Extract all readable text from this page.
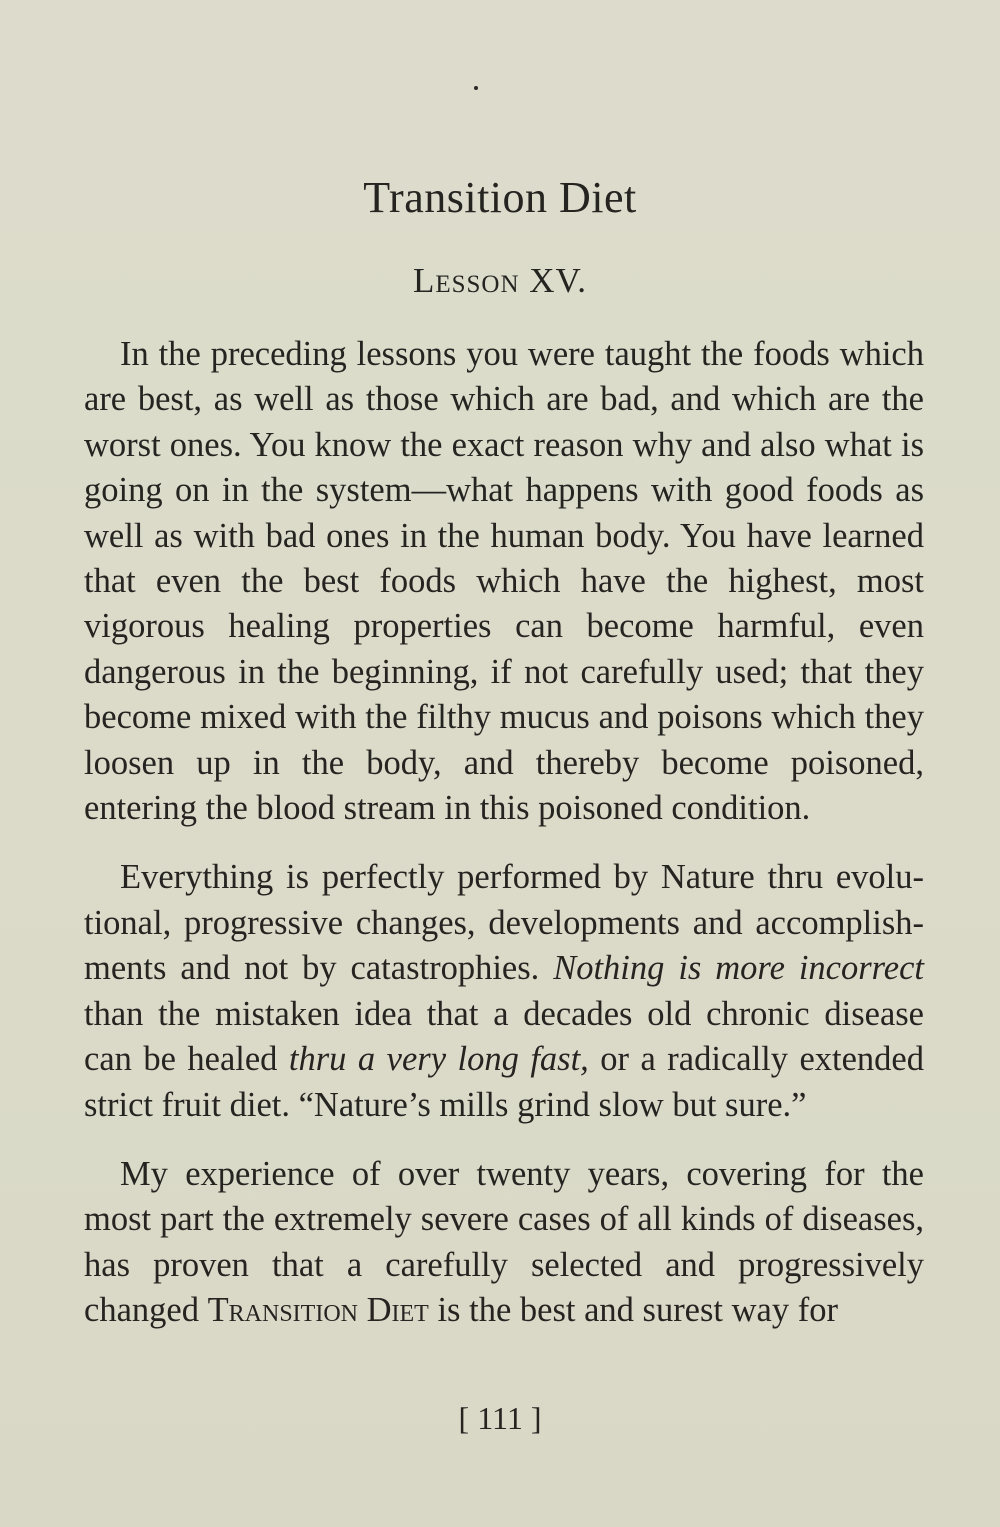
Transition Diet
Lesson XV.

In the preceding lessons you were taught the foods which are best, as well as those which are bad, and which are the worst ones. You know the exact reason why and also what is going on in the system—what happens with good foods as well as with bad ones in the human body. You have learned that even the best foods which have the highest, most vigorous healing properties can become harmful, even dangerous in the beginning, if not carefully used; that they become mixed with the filthy mucus and poisons which they loosen up in the body, and thereby become poisoned, entering the blood stream in this poisoned condition.

Everything is perfectly performed by Nature thru evolutional, progressive changes, developments and accomplishments and not by catastrophies. Nothing is more incorrect than the mistaken idea that a decades old chronic disease can be healed thru a very long fast, or a radically extended strict fruit diet. “Nature’s mills grind slow but sure.”

My experience of over twenty years, covering for the most part the extremely severe cases of all kinds of diseases, has proven that a carefully selected and progressively changed Transition Diet is the best and surest way for

[ 111 ]
